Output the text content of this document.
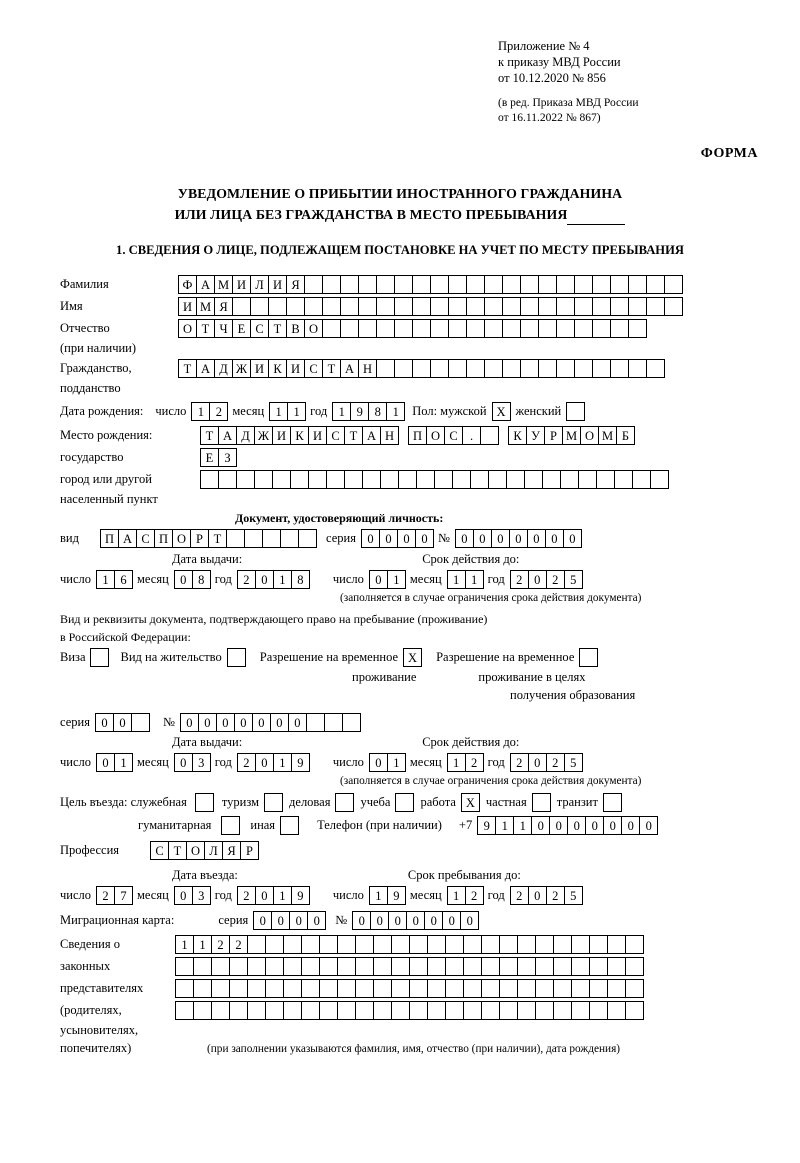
Приложение № 4
к приказу МВД России
от 10.12.2020 № 856
(в ред. Приказа МВД России
от 16.11.2022 № 867)
ФОРМА
УВЕДОМЛЕНИЕ О ПРИБЫТИИ ИНОСТРАННОГО ГРАЖДАНИНА
ИЛИ ЛИЦА БЕЗ ГРАЖДАНСТВА В МЕСТО ПРЕБЫВАНИЯ
1. СВЕДЕНИЯ О ЛИЦЕ, ПОДЛЕЖАЩЕМ ПОСТАНОВКЕ НА УЧЕТ ПО МЕСТУ ПРЕБЫВАНИЯ
Фамилия	Ф А М И Л И Я
Имя	И М Я
Отчество	О Т Ч Е С Т В О
(при наличии)
Гражданство,	Т А Д Ж И К И С Т А Н
подданство
Дата рождения: число 1 2 месяц 1 1 год 1 9 8 1	Пол: мужской X женский
Место рождения:	Т А Д Ж И К И С Т А Н	П О С .	К У Р М О М Б
государство	Е З
город или другой
населенный пункт
Документ, удостоверяющий личность:
вид	П А С П О Р Т	серия 0 0 0 0 № 0 0 0 0 0 0 0
Дата выдачи:	Срок действия до:
число 1 6 месяц 0 8 год 2 0 1 8	число 0 1 месяц 1 1 год 2 0 2 5
(заполняется в случае ограничения срока действия документа)
Вид и реквизиты документа, подтверждающего право на пребывание (проживание)
в Российской Федерации:
Виза	Вид на жительство	Разрешение на временное X	Разрешение на временное
проживание	проживание в целях
получения образования
серия 0 0	№ 0 0 0 0 0 0 0
Дата выдачи:	Срок действия до:
число 0 1 месяц 0 3 год 2 0 1 9	число 0 1 месяц 1 2 год 2 0 2 5
(заполняется в случае ограничения срока действия документа)
Цель въезда: служебная	туризм деловая учеба работа X частная транзит
гуманитарная	иная	Телефон (при наличии) +7 9 1 1 0 0 0 0 0 0 0
Профессия	С Т О Л Я Р
Дата въезда:	Срок пребывания до:
число 2 7 месяц 0 3 год 2 0 1 9	число 1 9 месяц 1 2 год 2 0 2 5
Миграционная карта:	серия 0 0 0 0	№ 0 0 0 0 0 0 0
Сведения о	1 1 2 2
законных
представителях
(родителях,
усыновителях,
попечителях)	(при заполнении указываются фамилия, имя, отчество (при наличии), дата рождения)
